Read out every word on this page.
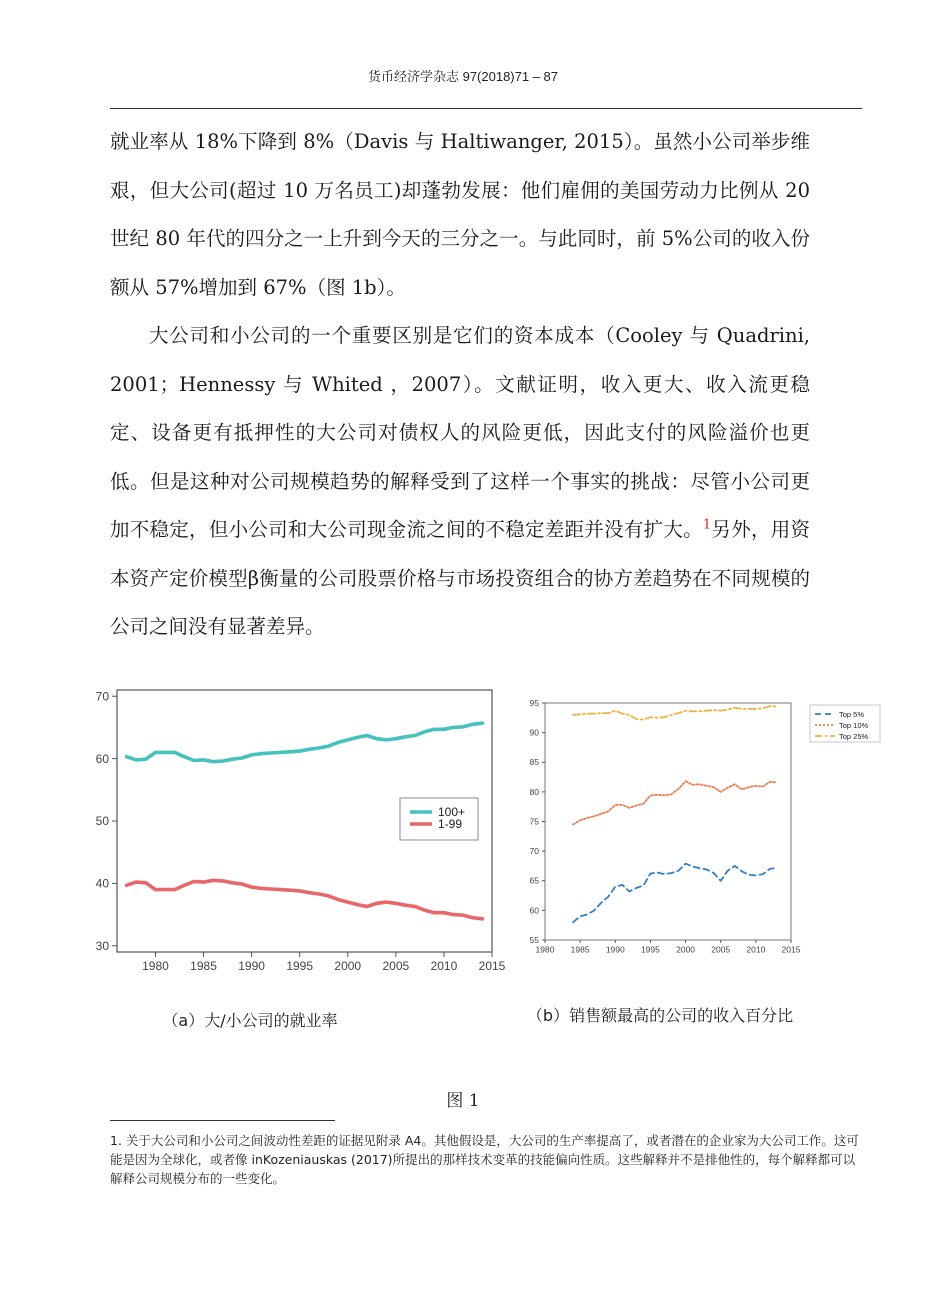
货币经济学杂志 97(2018)71 – 87

就业率从 18%下降到 8%（Davis 与 Haltiwanger, 2015）。虽然小公司举步维艰，但大公司(超过 10 万名员工)却蓬勃发展：他们雇佣的美国劳动力比例从 20 世纪 80 年代的四分之一上升到今天的三分之一。与此同时，前 5%公司的收入份额从 57%增加到 67%（图 1b）。

大公司和小公司的一个重要区别是它们的资本成本（Cooley 与 Quadrini, 2001；Hennessy 与 Whited ，2007）。文献证明，收入更大、收入流更稳定、设备更有抵押性的大公司对债权人的风险更低，因此支付的风险溢价也更低。但是这种对公司规模趋势的解释受到了这样一个事实的挑战：尽管小公司更加不稳定，但小公司和大公司现金流之间的不稳定差距并没有扩大。$^1$另外，用资本资产定价模型β衡量的公司股票价格与市场投资组合的协方差趋势在不同规模的公司之间没有显著差异。

1980 1985 1990 1995 2000 2005 2010 2015
30
40
50
60
70
100+
1-99
1980 1985 1990 1995 2000 2005 2010 2015
55
60
65
70
75
80
85
90
95
Top 5%
Top 10%
Top 25%
（a）大/小公司的就业率	（b）销售额最高的公司的收入百分比
图 1
1. 关于大公司和小公司之间波动性差距的证据见附录 A4。其他假设是，大公司的生产率提高了，或者潜在的企业家为大公司工作。这可能是因为全球化，或者像 inKozeniauskas (2017)所提出的那样技术变革的技能偏向性质。这些解释并不是排他性的，每个解释都可以解释公司规模分布的一些变化。
